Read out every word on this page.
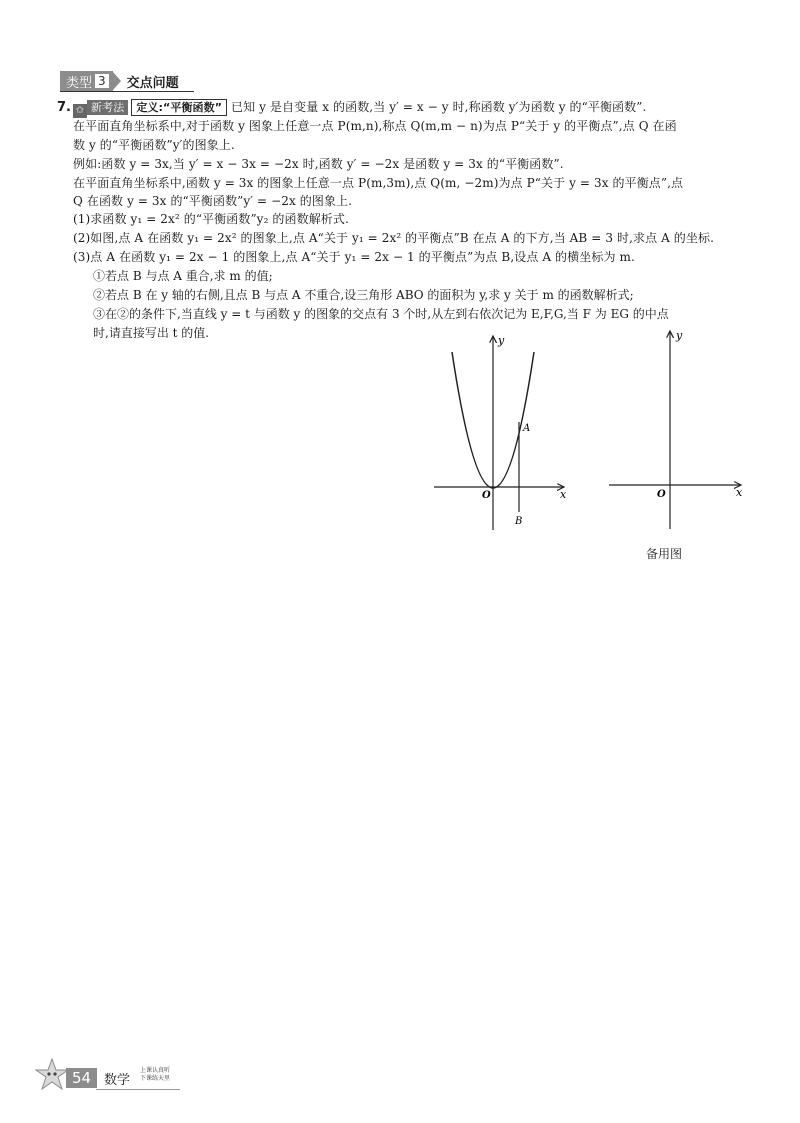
类型 3 交点问题
7. ✩ 新考法 定义:“平衡函数” 已知 y 是自变量 x 的函数,当 y′ = x − y 时,称函数 y′为函数 y 的“平衡函数”.
在平面直角坐标系中,对于函数 y 图象上任意一点 P(m,n),称点 Q(m,m − n)为点 P“关于 y 的平衡点”,点 Q 在函
数 y 的“平衡函数”y′的图象上.
例如:函数 y = 3x,当 y′ = x − 3x = −2x 时,函数 y′ = −2x 是函数 y = 3x 的“平衡函数”.
在平面直角坐标系中,函数 y = 3x 的图象上任意一点 P(m,3m),点 Q(m, −2m)为点 P“关于 y = 3x 的平衡点”,点
Q 在函数 y = 3x 的“平衡函数”y′ = −2x 的图象上.
(1)求函数 y₁ = 2x² 的“平衡函数”y₂ 的函数解析式.
(2)如图,点 A 在函数 y₁ = 2x² 的图象上,点 A“关于 y₁ = 2x² 的平衡点”B 在点 A 的下方,当 AB = 3 时,求点 A 的坐标.
(3)点 A 在函数 y₁ = 2x − 1 的图象上,点 A“关于 y₁ = 2x − 1 的平衡点”为点 B,设点 A 的横坐标为 m.
①若点 B 与点 A 重合,求 m 的值;
②若点 B 在 y 轴的右侧,且点 B 与点 A 不重合,设三角形 ABO 的面积为 y,求 y 关于 m 的函数解析式;
③在②的条件下,当直线 y = t 与函数 y 的图象的交点有 3 个时,从左到右依次记为 E,F,G,当 F 为 EG 的中点
时,请直接写出 t 的值.
y
x
O
A
B
y
x
O
备用图
54 数学
上课认真听
下课练天里
